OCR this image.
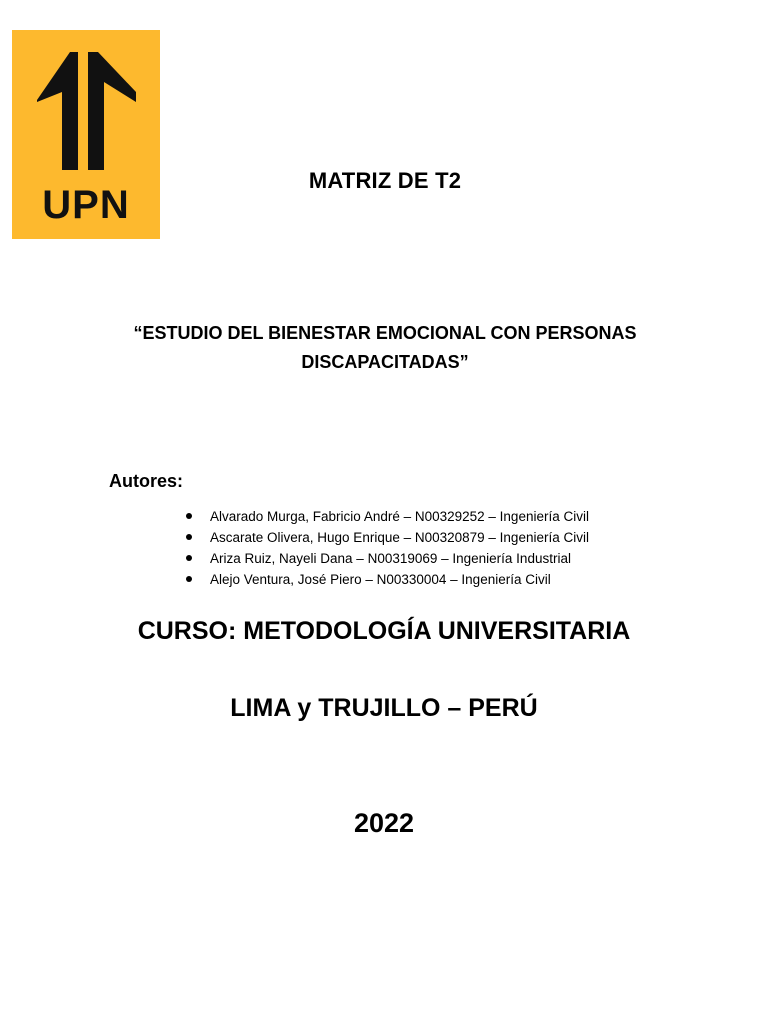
UPN
MATRIZ DE T2
“ESTUDIO DEL BIENESTAR EMOCIONAL CON PERSONAS
DISCAPACITADAS”
Autores:
Alvarado Murga, Fabricio André – N00329252 – Ingeniería Civil
Ascarate Olivera, Hugo Enrique – N00320879 – Ingeniería Civil
Ariza Ruiz, Nayeli Dana – N00319069 – Ingeniería Industrial
Alejo Ventura, José Piero – N00330004 – Ingeniería Civil
CURSO: METODOLOGÍA UNIVERSITARIA
LIMA y TRUJILLO – PERÚ
2022
